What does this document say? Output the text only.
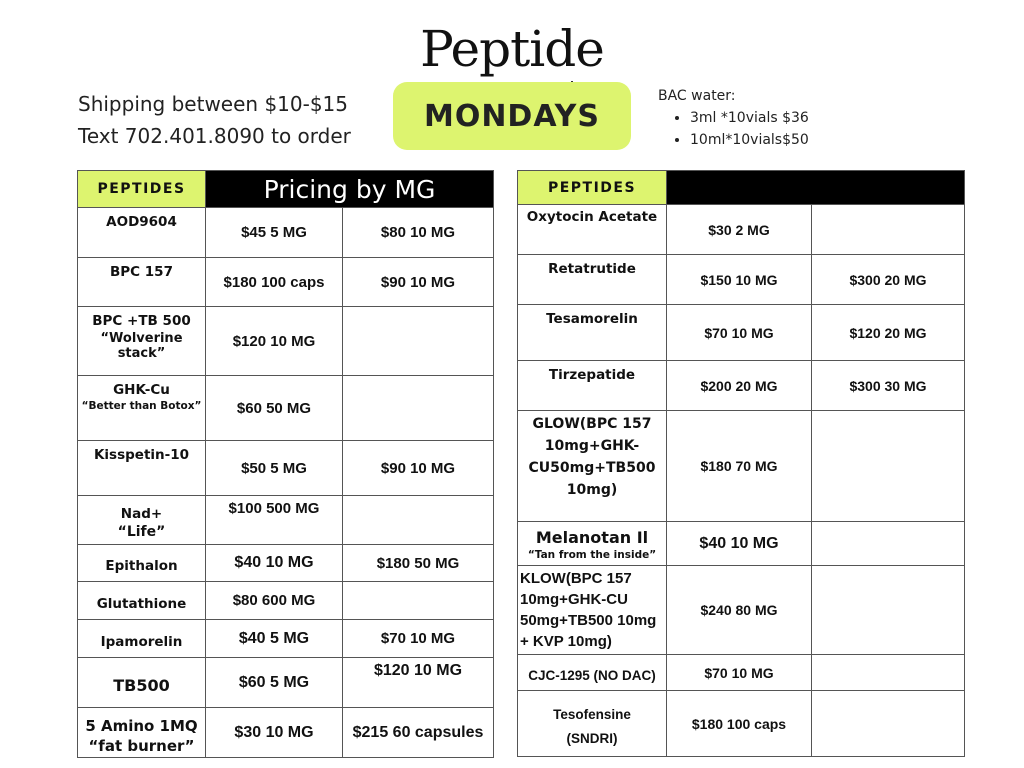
Peptide
MONDAYS
Shipping between $10-$15
Text 702.401.8090 to order
BAC water:
• 3ml *10vials $36
• 10ml*10vials$50
PEPTIDES	Pricing by MG	
AOD9604	$45 5 MG	$80 10 MG
BPC 157	$180 100 caps	$90 10 MG
BPC +TB 500
“Wolverine stack”	$120 10 MG	
GHK-Cu
“Better than Botox”	$60 50 MG	
Kisspetin-10	$50 5 MG	$90 10 MG
Nad+
“Life”	$100 500 MG	
Epithalon	$40 10 MG	$180 50 MG
Glutathione	$80 600 MG	
Ipamorelin	$40 5 MG	$70 10 MG
TB500	$60 5 MG	$120 10 MG
5 Amino 1MQ
“fat burner”	$30 10 MG	$215 60 capsules
PEPTIDES		
Oxytocin Acetate	$30 2 MG	
Retatrutide	$150 10 MG	$300 20 MG
Tesamorelin	$70 10 MG	$120 20 MG
Tirzepatide	$200 20 MG	$300 30 MG
GLOW(BPC 157 10mg+GHK-CU50mg+TB500 10mg)	$180 70 MG	
Melanotan Il
“Tan from the inside”	$40 10 MG	
KLOW(BPC 157 10mg+GHK-CU 50mg+TB500 10mg + KVP 10mg)	$240 80 MG	
CJC-1295 (NO DAC)	$70 10 MG	
Tesofensine
(SNDRI)	$180 100 caps	
